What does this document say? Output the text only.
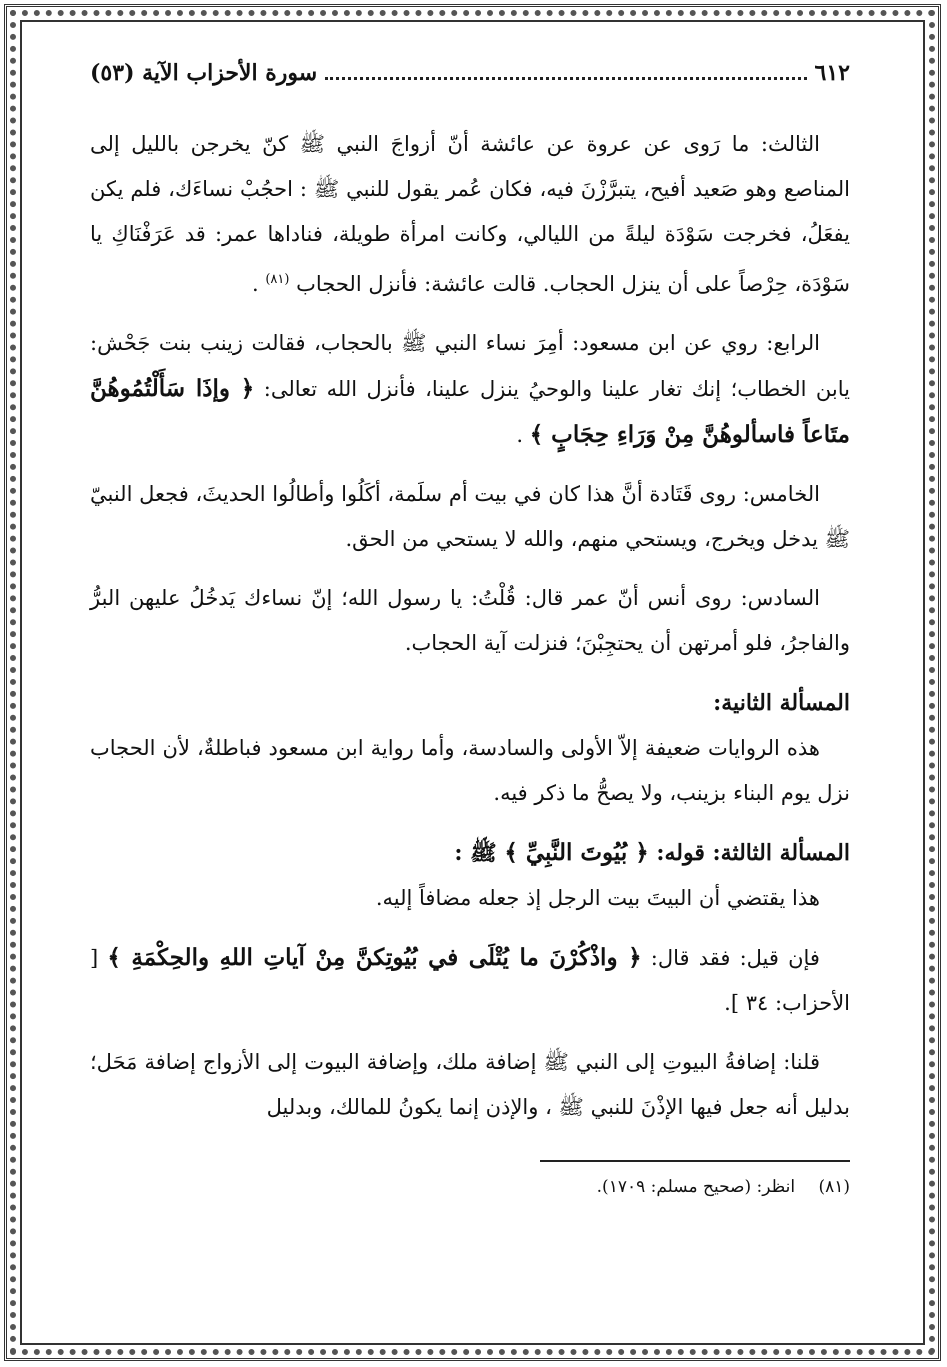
٦١٢
سورة الأحزاب الآية (٥٣)

الثالث: ما رَوى عن عروة عن عائشة أنّ أزواجَ النبي ﷺ كنّ يخرجن بالليل إلى المناصع وهو صَعيد أفيح، يتبرَّزْنَ فيه، فكان عُمر يقول للنبي ﷺ : احجُبْ نساءَك، فلم يكن يفعَلُ، فخرجت سَوْدَة ليلةً من الليالي، وكانت امرأة طويلة، فناداها عمر: قد عَرَفْنَاكِ يا سَوْدَة، حِرْصاً على أن ينزل الحجاب. قالت عائشة: فأنزل الحجاب $^{(٨١)}$ .

الرابع: روي عن ابن مسعود: أمِرَ نساء النبي ﷺ بالحجاب، فقالت زينب بنت جَحْش: يابن الخطاب؛ إنك تغار علينا والوحيُ ينزل علينا، فأنزل الله تعالى: ﴿ وإذَا سَأَلْتُمُوهُنَّ متَاعاً فاسألوهُنَّ مِنْ وَرَاءِ حِجَابٍ ﴾ .

الخامس: روى قَتَادة أنَّ هذا كان في بيت أم سلَمة، أكَلُوا وأطالُوا الحديثَ، فجعل النبيّ ﷺ يدخل ويخرج، ويستحي منهم، والله لا يستحي من الحق.

السادس: روى أنس أنّ عمر قال: قُلْتُ: يا رسول الله؛ إنّ نساءك يَدخُلُ عليهن البرُّ والفاجرُ، فلو أمرتهن أن يحتجِبْنَ؛ فنزلت آية الحجاب.

المسألة الثانية:

هذه الروايات ضعيفة إلاّ الأولى والسادسة، وأما رواية ابن مسعود فباطلةٌ، لأن الحجاب نزل يوم البناء بزينب، ولا يصحُّ ما ذكر فيه.

المسألة الثالثة: قوله: ﴿ بُيُوتَ النَّبِيِّ ﴾ ﷺ :

هذا يقتضي أن البيتَ بيت الرجل إذ جعله مضافاً إليه.

فإن قيل: فقد قال: ﴿ واذْكُرْنَ ما يُتْلَى في بُيُوتِكنَّ مِنْ آياتِ اللهِ والحِكْمَةِ ﴾ [ الأحزاب: ٣٤ ].

قلنا: إضافةُ البيوتِ إلى النبي ﷺ إضافة ملك، وإضافة البيوت إلى الأزواج إضافة مَحَل؛ بدليل أنه جعل فيها الإذْنَ للنبي ﷺ ، والإذن إنما يكونُ للمالك، وبدليل

(٨١) انظر: (صحيح مسلم: ١٧٠٩).
